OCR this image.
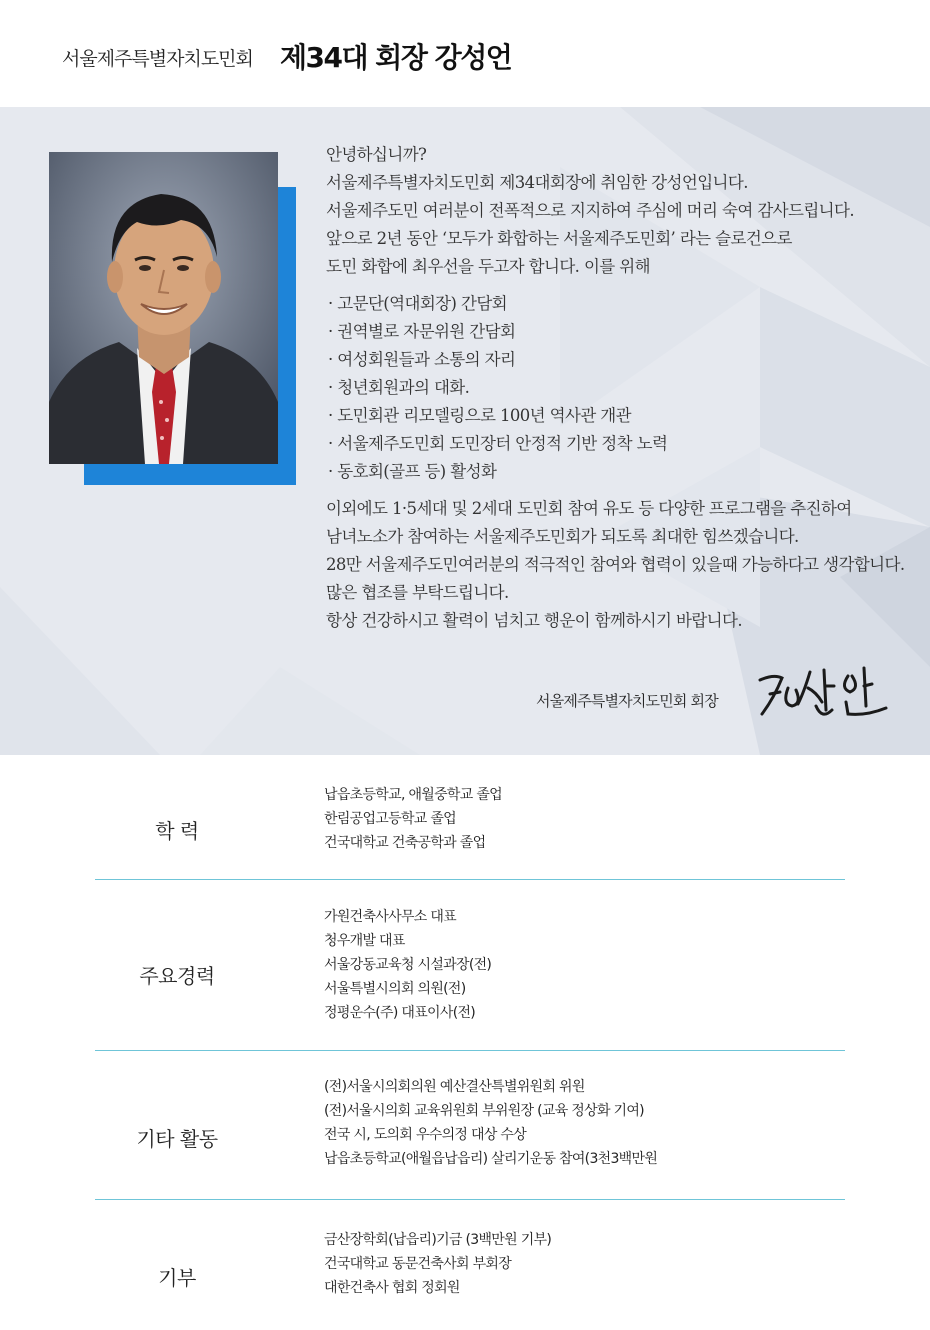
서울제주특별자치도민회 제34대 회장 강성언
안녕하십니까?
서울제주특별자치도민회 제34대회장에 취임한 강성언입니다.
서울제주도민 여러분이 전폭적으로 지지하여 주심에 머리 숙여 감사드립니다.
앞으로 2년 동안 ‘모두가 화합하는 서울제주도민회’ 라는 슬로건으로
도민 화합에 최우선을 두고자 합니다. 이를 위해
· 고문단(역대회장) 간담회
· 권역별로 자문위원 간담회
· 여성회원들과 소통의 자리
· 청년회원과의 대화.
· 도민회관 리모델링으로 100년 역사관 개관
· 서울제주도민회 도민장터 안정적 기반 정착 노력
· 동호회(골프 등) 활성화
이외에도 1·5세대 및 2세대 도민회 참여 유도 등 다양한 프로그램을 추진하여
남녀노소가 참여하는 서울제주도민회가 되도록 최대한 힘쓰겠습니다.
28만 서울제주도민여러분의 적극적인 참여와 협력이 있을때 가능하다고 생각합니다.
많은 협조를 부탁드립니다.
항상 건강하시고 활력이 넘치고 행운이 함께하시기 바랍니다.
서울제주특별자치도민회 회장
학 력
납읍초등학교, 애월중학교 졸업
한림공업고등학교 졸업
건국대학교 건축공학과 졸업
주요경력
가원건축사사무소 대표
청우개발 대표
서울강동교육청 시설과장(전)
서울특별시의회 의원(전)
정평운수(주) 대표이사(전)
기타 활동
(전)서울시의회의원 예산결산특별위원회 위원
(전)서울시의회 교육위원회 부위원장 (교육 정상화 기여)
전국 시, 도의회 우수의정 대상 수상
납읍초등학교(애월읍납읍리) 살리기운동 참여(3천3백만원
기부
금산장학회(납읍리)기금 (3백만원 기부)
건국대학교 동문건축사회 부회장
대한건축사 협회 정회원
